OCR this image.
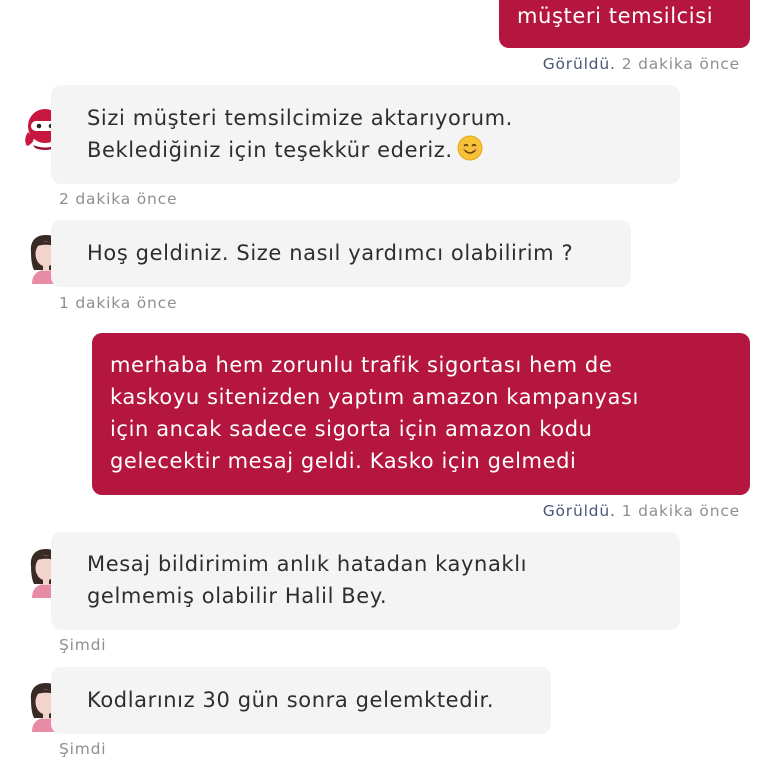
müşteri temsilcisi

Görüldü. 2 dakika önce

Sizi müşteri temsilcimize aktarıyorum.

Beklediğiniz için teşekkür ederiz.

2 dakika önce

Hoş geldiniz. Size nasıl yardımcı olabilirim ?

1 dakika önce

merhaba hem zorunlu trafik sigortası hem de

kaskoyu sitenizden yaptım amazon kampanyası

için ancak sadece sigorta için amazon kodu

gelecektir mesaj geldi. Kasko için gelmedi

Görüldü. 1 dakika önce

Mesaj bildirimim anlık hatadan kaynaklı

gelmemiş olabilir Halil Bey.

Şimdi

Kodlarınız 30 gün sonra gelemktedir.

Şimdi
